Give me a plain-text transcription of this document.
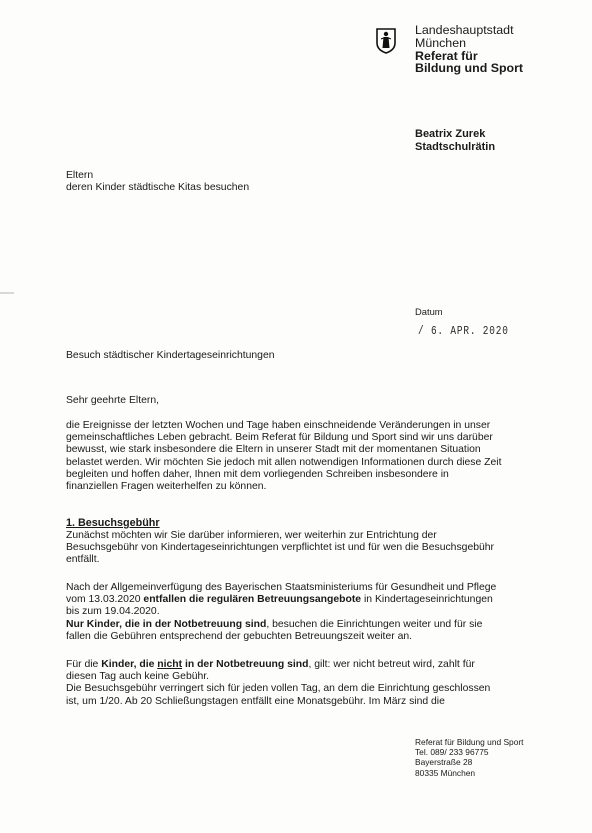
Landeshauptstadt
München
Referat für
Bildung und Sport
Beatrix Zurek
Stadtschulrätin
Eltern
deren Kinder städtische Kitas besuchen
Datum
/ 6. APR. 2020
Besuch städtischer Kindertageseinrichtungen
Sehr geehrte Eltern,
die Ereignisse der letzten Wochen und Tage haben einschneidende Veränderungen in unser
gemeinschaftliches Leben gebracht. Beim Referat für Bildung und Sport sind wir uns darüber
bewusst, wie stark insbesondere die Eltern in unserer Stadt mit der momentanen Situation
belastet werden. Wir möchten Sie jedoch mit allen notwendigen Informationen durch diese Zeit
begleiten und hoffen daher, Ihnen mit dem vorliegenden Schreiben insbesondere in
finanziellen Fragen weiterhelfen zu können.
1. Besuchsgebühr
Zunächst möchten wir Sie darüber informieren, wer weiterhin zur Entrichtung der
Besuchsgebühr von Kindertageseinrichtungen verpflichtet ist und für wen die Besuchsgebühr
entfällt.
Nach der Allgemeinverfügung des Bayerischen Staatsministeriums für Gesundheit und Pflege
vom 13.03.2020 entfallen die regulären Betreuungsangebote in Kindertageseinrichtungen
bis zum 19.04.2020.
Nur Kinder, die in der Notbetreuung sind, besuchen die Einrichtungen weiter und für sie
fallen die Gebühren entsprechend der gebuchten Betreuungszeit weiter an.
Für die Kinder, die nicht in der Notbetreuung sind, gilt: wer nicht betreut wird, zahlt für
diesen Tag auch keine Gebühr.
Die Besuchsgebühr verringert sich für jeden vollen Tag, an dem die Einrichtung geschlossen
ist, um 1/20. Ab 20 Schließungstagen entfällt eine Monatsgebühr. Im März sind die
Referat für Bildung und Sport
Tel. 089/ 233 96775
Bayerstraße 28
80335 München
